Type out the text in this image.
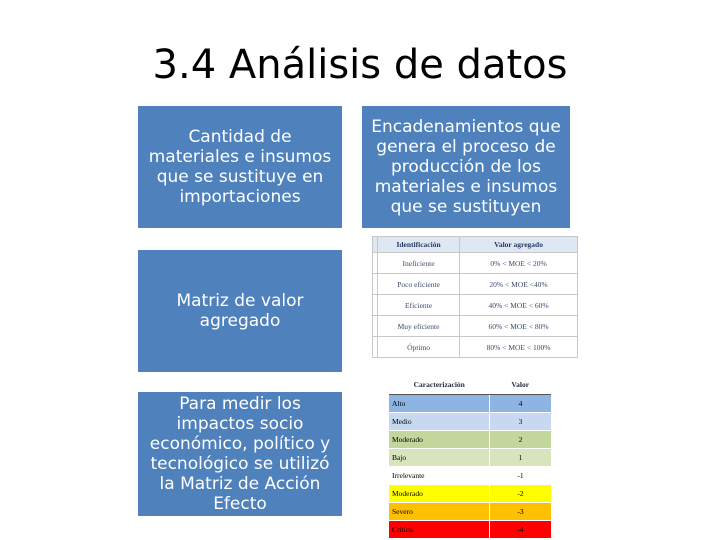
3.4 Análisis de datos
Cantidad de materiales e insumos que se sustituye en importaciones
Matriz de valor agregado
Para medir los impactos socio económico, político y tecnológico se utilizó la Matriz de Acción Efecto
Encadenamientos que genera el proceso de producción de los materiales e insumos que se sustituyen
	Identificación	Valor agregado
	Ineficiente	0% < MOE < 20%
	Poco eficiente	20% < MOE <40%
	Eficiente	40% < MOE < 60%
	Muy eficiente	60% < MOE < 80%
	Óptimo	80% < MOE < 100%
Caracterización	Valor
Alto	4
Medio	3
Moderado	2
Bajo	1
Irrelevante	-1
Moderado	-2
Severo	-3
Crítico	-4
